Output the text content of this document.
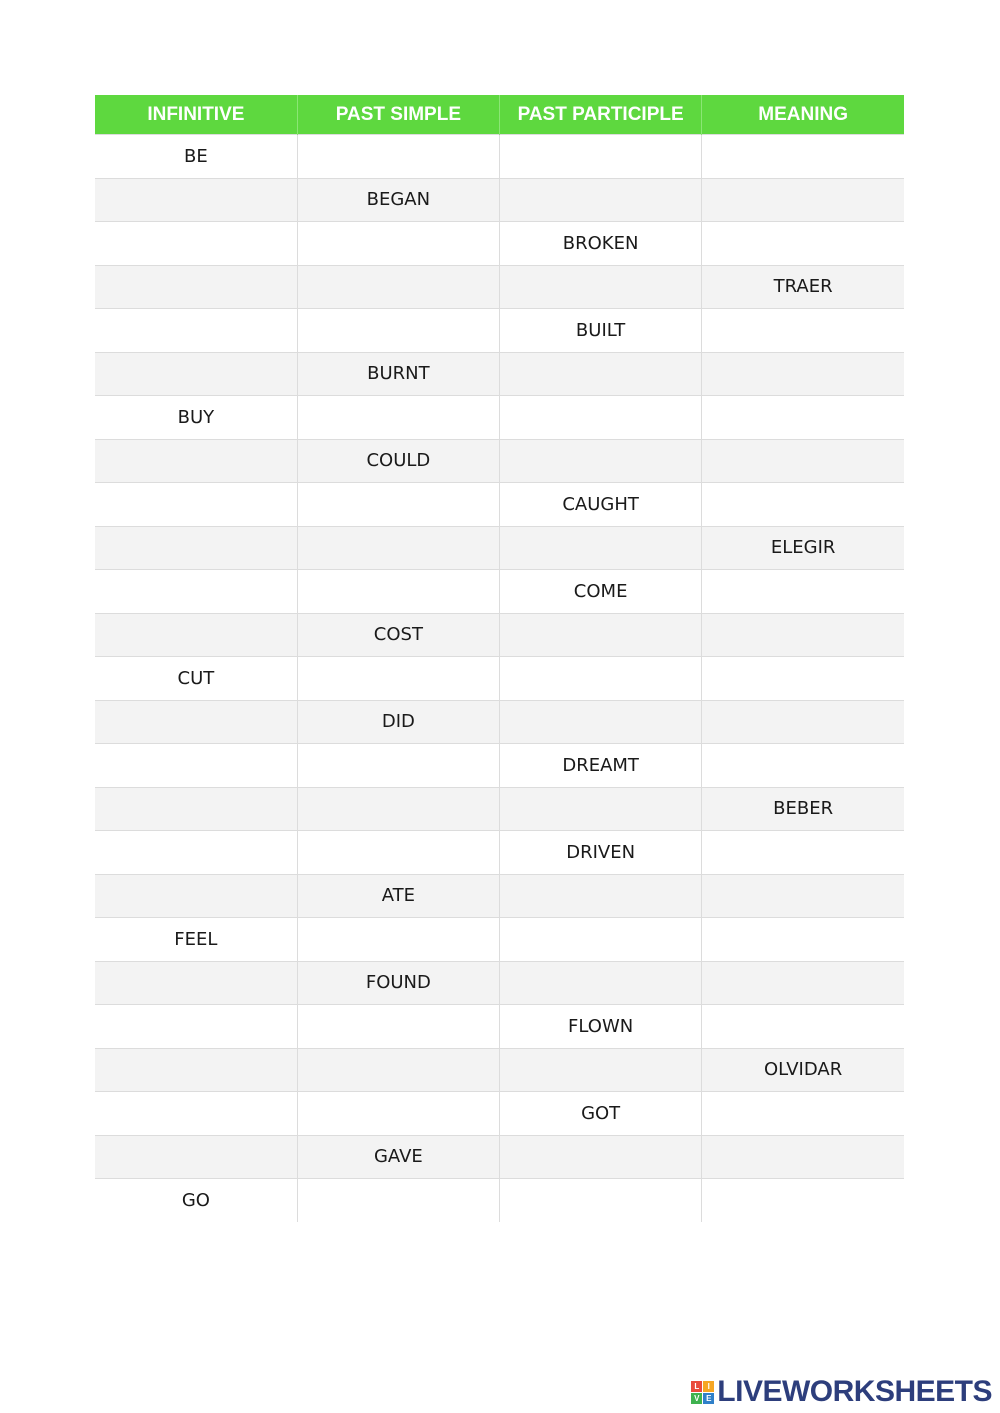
INFINITIVE	PAST SIMPLE	PAST PARTICIPLE	MEANING
BE			
	BEGAN		
		BROKEN	
			TRAER
		BUILT	
	BURNT		
BUY			
	COULD		
		CAUGHT	
			ELEGIR
		COME	
	COST		
CUT			
	DID		
		DREAMT	
			BEBER
		DRIVEN	
	ATE		
FEEL			
	FOUND		
		FLOWN	
			OLVIDAR
		GOT	
	GAVE		
GO			
L	I
V E LIVEWORKSHEETS
